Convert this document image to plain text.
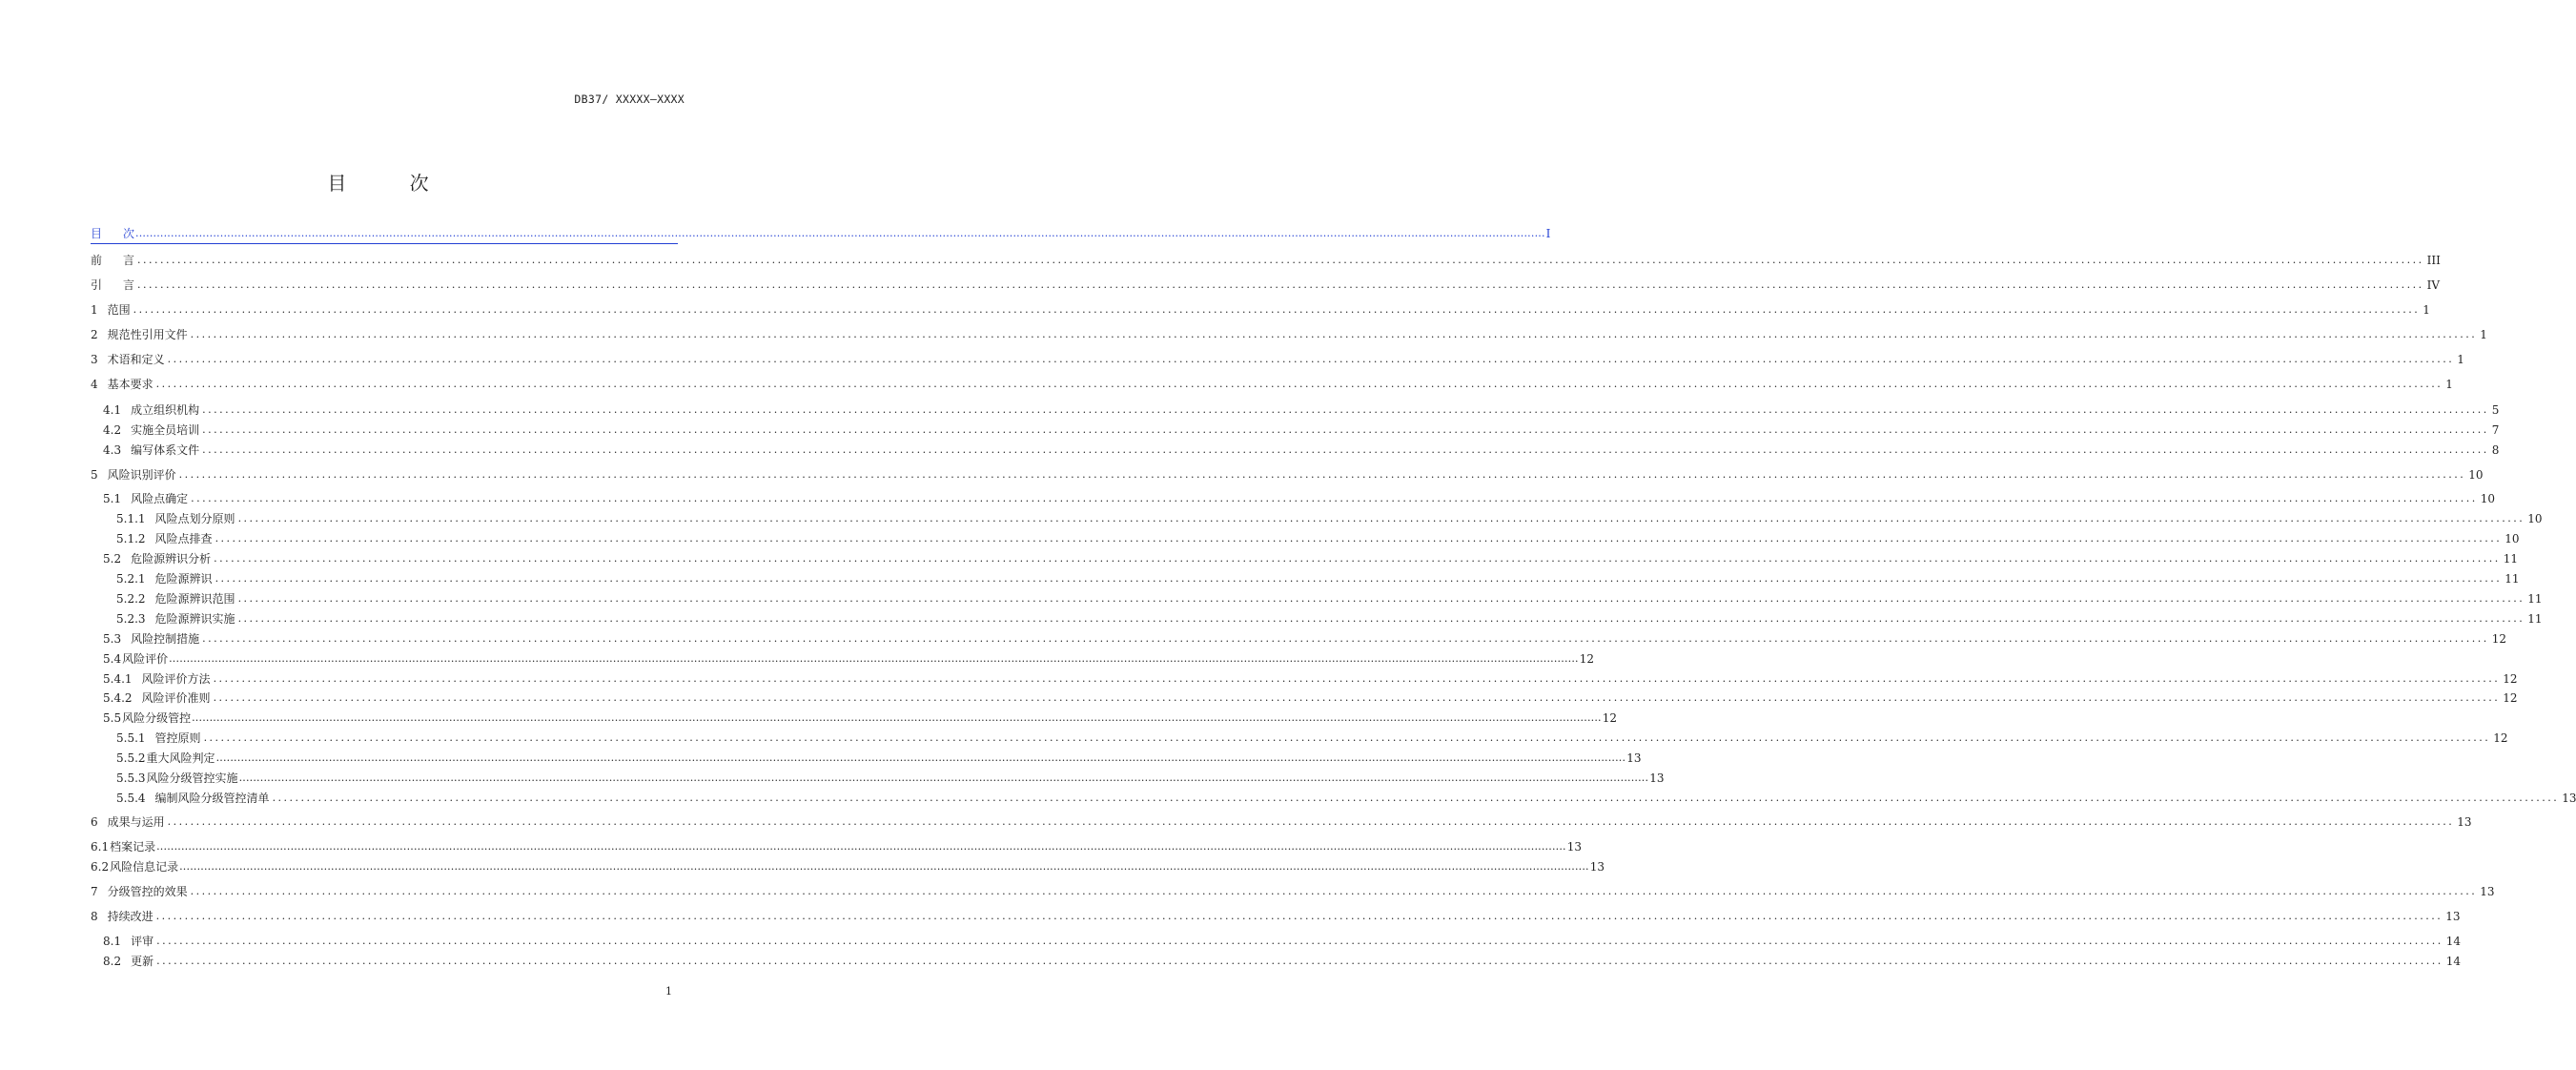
DB37/ XXXXX—XXXX
目 次
目 次 ................................................................................................................................................................................................................................................................................................................................................................................................................ I
前 言 ................................................................................................................................................................................................................................................................................................................................................................................................................ III
引 言 ................................................................................................................................................................................................................................................................................................................................................................................................................ IV
1 范围 ................................................................................................................................................................................................................................................................................................................................................................................................................ 1
2 规范性引用文件 ................................................................................................................................................................................................................................................................................................................................................................................................................ 1
3 术语和定义 ................................................................................................................................................................................................................................................................................................................................................................................................................ 1
4 基本要求 ................................................................................................................................................................................................................................................................................................................................................................................................................ 1
4.1 成立组织机构 ................................................................................................................................................................................................................................................................................................................................................................................................................ 5
4.2 实施全员培训 ................................................................................................................................................................................................................................................................................................................................................................................................................ 7
4.3 编写体系文件 ................................................................................................................................................................................................................................................................................................................................................................................................................ 8
5 风险识别评价 ................................................................................................................................................................................................................................................................................................................................................................................................................ 10
5.1 风险点确定 ................................................................................................................................................................................................................................................................................................................................................................................................................ 10
5.1.1 风险点划分原则 ................................................................................................................................................................................................................................................................................................................................................................................................................ 10
5.1.2 风险点排查 ................................................................................................................................................................................................................................................................................................................................................................................................................ 10
5.2 危险源辨识分析 ................................................................................................................................................................................................................................................................................................................................................................................................................ 11
5.2.1 危险源辨识 ................................................................................................................................................................................................................................................................................................................................................................................................................ 11
5.2.2 危险源辨识范围 ................................................................................................................................................................................................................................................................................................................................................................................................................ 11
5.2.3 危险源辨识实施 ................................................................................................................................................................................................................................................................................................................................................................................................................ 11
5.3 风险控制措施 ................................................................................................................................................................................................................................................................................................................................................................................................................ 12
5.4 风险评价 ................................................................................................................................................................................................................................................................................................................................................................................................................ 12
5.4.1 风险评价方法 ................................................................................................................................................................................................................................................................................................................................................................................................................ 12
5.4.2 风险评价准则 ................................................................................................................................................................................................................................................................................................................................................................................................................ 12
5.5 风险分级管控 ................................................................................................................................................................................................................................................................................................................................................................................................................ 12
5.5.1 管控原则 ................................................................................................................................................................................................................................................................................................................................................................................................................ 12
5.5.2 重大风险判定 ................................................................................................................................................................................................................................................................................................................................................................................................................ 13
5.5.3 风险分级管控实施 ................................................................................................................................................................................................................................................................................................................................................................................................................ 13
5.5.4 编制风险分级管控清单 ................................................................................................................................................................................................................................................................................................................................................................................................................ 13
6 成果与运用 ................................................................................................................................................................................................................................................................................................................................................................................................................ 13
6.1 档案记录 ................................................................................................................................................................................................................................................................................................................................................................................................................ 13
6.2 风险信息记录 ................................................................................................................................................................................................................................................................................................................................................................................................................ 13
7 分级管控的效果 ................................................................................................................................................................................................................................................................................................................................................................................................................ 13
8 持续改进 ................................................................................................................................................................................................................................................................................................................................................................................................................ 13
8.1 评审 ................................................................................................................................................................................................................................................................................................................................................................................................................ 14
8.2 更新 ................................................................................................................................................................................................................................................................................................................................................................................................................ 14
1
